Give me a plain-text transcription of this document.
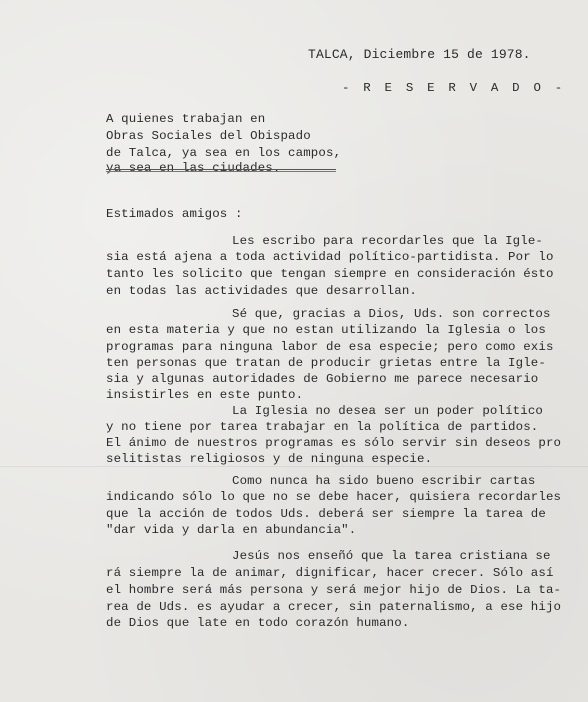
TALCA, Diciembre 15 de 1978.
- R E S E R V A D O -
A quienes trabajan en
Obras Sociales del Obispado
de Talca, ya sea en los campos,
ya sea en las ciudades.
Estimados amigos :
Les escribo para recordarles que la Igle-
sia está ajena a toda actividad político-partidista. Por lo
tanto les solicito que tengan siempre en consideración ésto
en todas las actividades que desarrollan.
Sé que, gracias a Dios, Uds. son correctos
en esta materia y que no estan utilizando la Iglesia o los
programas para ninguna labor de esa especie; pero como exis
ten personas que tratan de producir grietas entre la Igle-
sia y algunas autoridades de Gobierno me parece necesario
insistirles en este punto.
La Iglesia no desea ser un poder político
y no tiene por tarea trabajar en la política de partidos.
El ánimo de nuestros programas es sólo servir sin deseos pro
selitistas religiosos y de ninguna especie.
Como nunca ha sido bueno escribir cartas
indicando sólo lo que no se debe hacer, quisiera recordarles
que la acción de todos Uds. deberá ser siempre la tarea de
"dar vida y darla en abundancia".
Jesús nos enseñó que la tarea cristiana se
rá siempre la de animar, dignificar, hacer crecer. Sólo así
el hombre será más persona y será mejor hijo de Dios. La ta-
rea de Uds. es ayudar a crecer, sin paternalismo, a ese hijo
de Dios que late en todo corazón humano.
